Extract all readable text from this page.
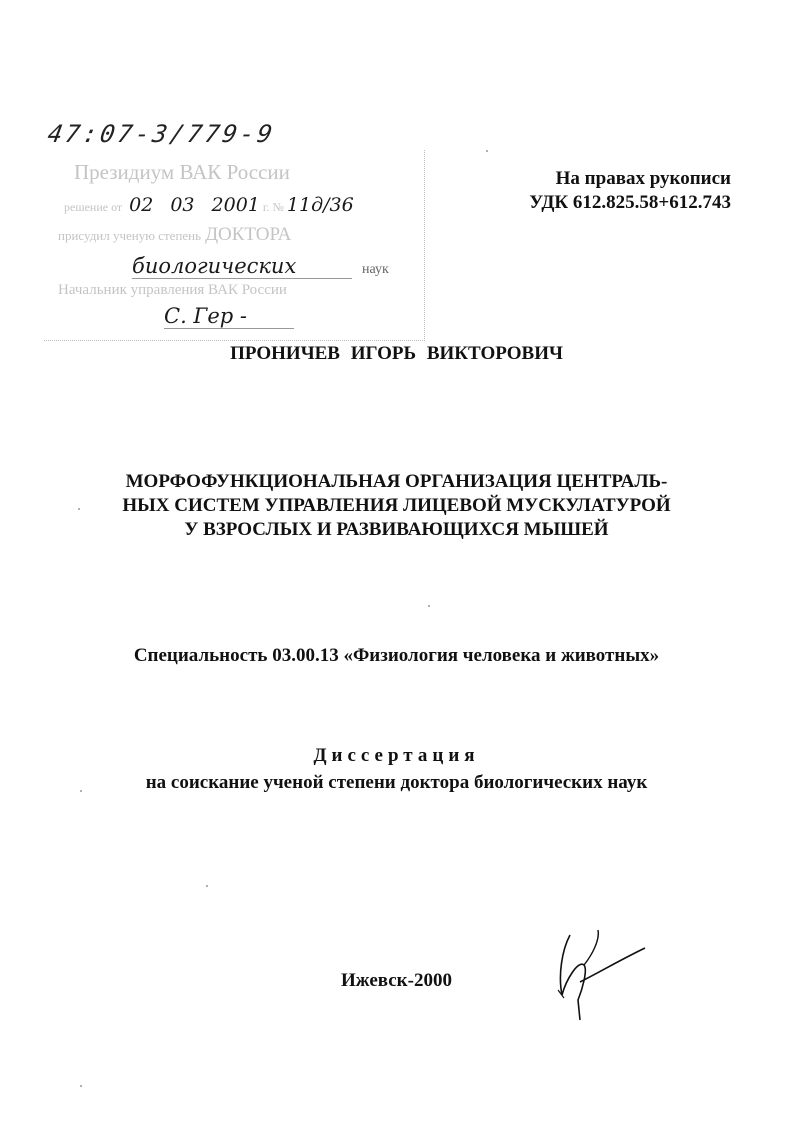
47:07-3/779-9
Президиум ВАК России
решение от 02 03 2001 г. № 11д/36
присудил ученую степень ДОКТОРА
биологических	наук
Начальник управления ВАК России
С. Гер -
На правах рукописи
УДК 612.825.58+612.743
ПРОНИЧЕВ ИГОРЬ ВИКТОРОВИЧ
МОРФОФУНКЦИОНАЛЬНАЯ ОРГАНИЗАЦИЯ ЦЕНТРАЛЬ-
НЫХ СИСТЕМ УПРАВЛЕНИЯ ЛИЦЕВОЙ МУСКУЛАТУРОЙ
У ВЗРОСЛЫХ И РАЗВИВАЮЩИХСЯ МЫШЕЙ
Специальность 03.00.13 «Физиология человека и животных»
Диссертация
на соискание ученой степени доктора биологических наук
Ижевск-2000
